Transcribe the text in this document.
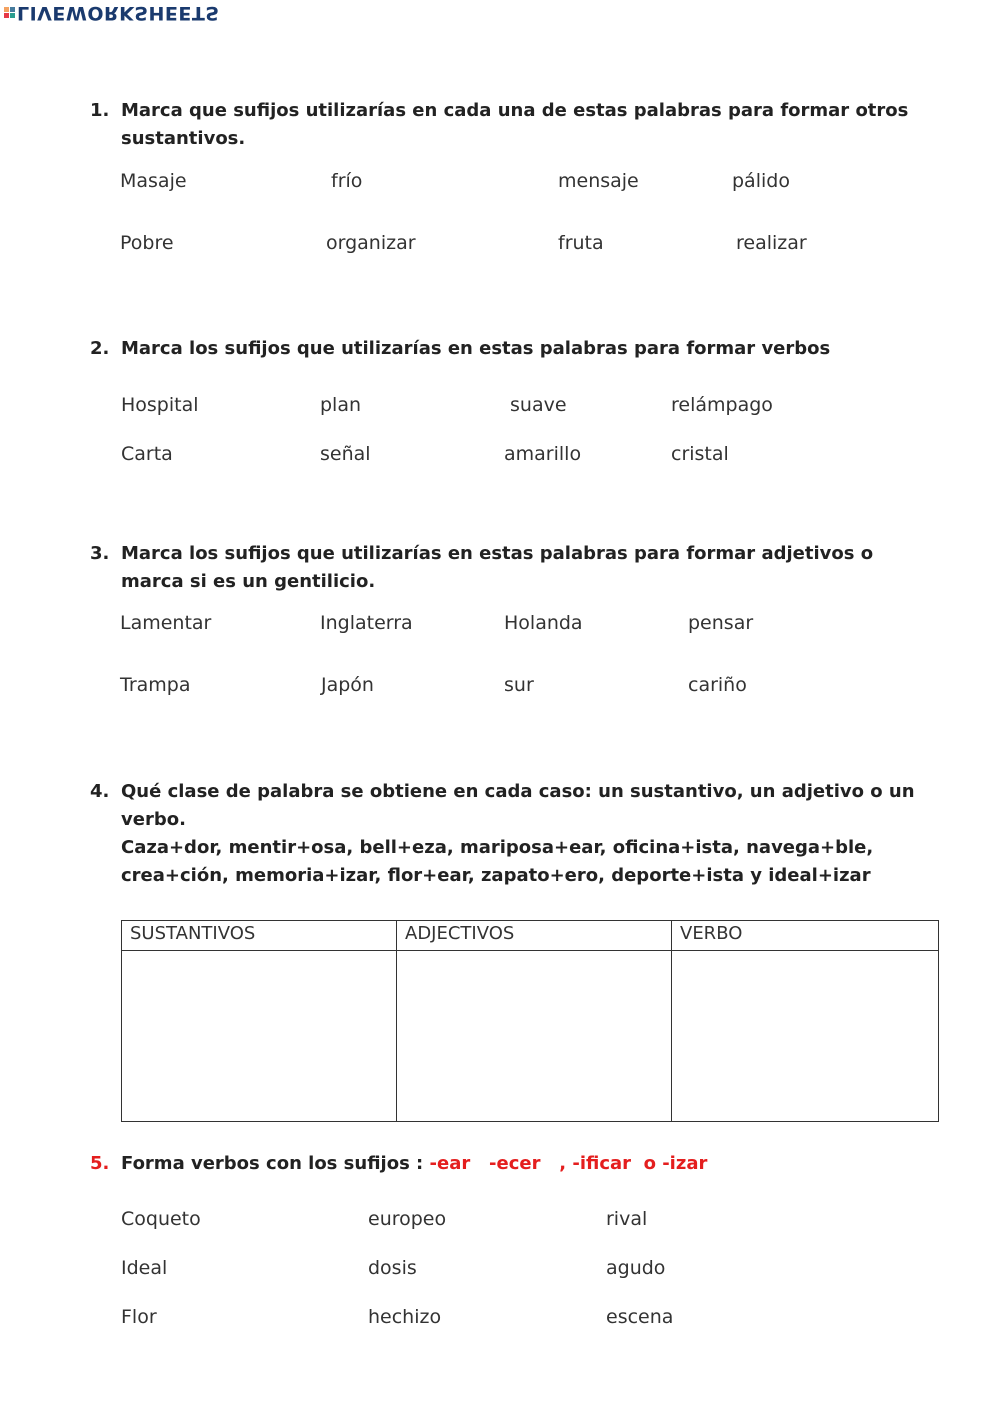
LIVEWORKSHEETS
1. Marca que sufijos utilizarías en cada una de estas palabras para formar otros sustantivos.
Masaje	frío	mensaje	pálido
Pobre	organizar	fruta	realizar
2. Marca los sufijos que utilizarías en estas palabras para formar verbos
Hospital	plan	suave	relámpago
Carta	señal	amarillo	cristal
3. Marca los sufijos que utilizarías en estas palabras para formar adjetivos o marca si es un gentilicio.
Lamentar	Inglaterra	Holanda	pensar
Trampa	Japón	sur	cariño
4. Qué clase de palabra se obtiene en cada caso: un sustantivo, un adjetivo o un verbo.
Caza+dor, mentir+osa, bell+eza, mariposa+ear, oficina+ista, navega+ble,
crea+ción, memoria+izar, flor+ear, zapato+ero, deporte+ista y ideal+izar
SUSTANTIVOS	ADJECTIVOS	VERBO

5. Forma verbos con los sufijos : -ear   -ecer   , -ificar  o -izar
Coqueto	europeo	rival
Ideal	dosis	agudo
Flor	hechizo	escena
